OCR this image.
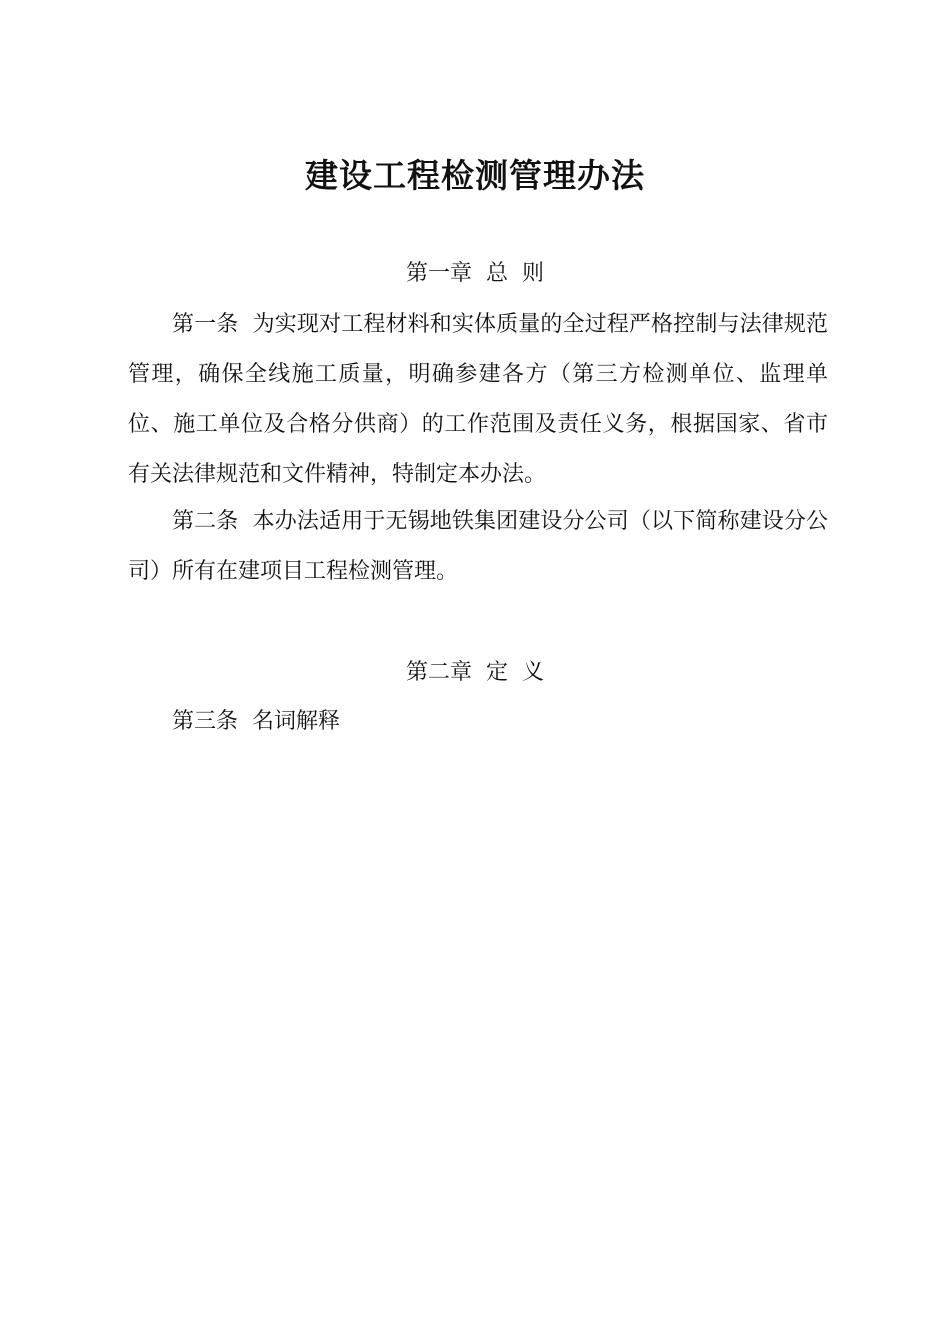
建设工程检测管理办法
第一章  总  则

第一条  为实现对工程材料和实体质量的全过程严格控制与法律规范管理，确保全线施工质量，明确参建各方（第三方检测单位、监理单位、施工单位及合格分供商）的工作范围及责任义务，根据国家、省市有关法律规范和文件精神，特制定本办法。

第二条  本办法适用于无锡地铁集团建设分公司（以下简称建设分公司）所有在建项目工程检测管理。

第二章  定  义

第三条  名词解释
